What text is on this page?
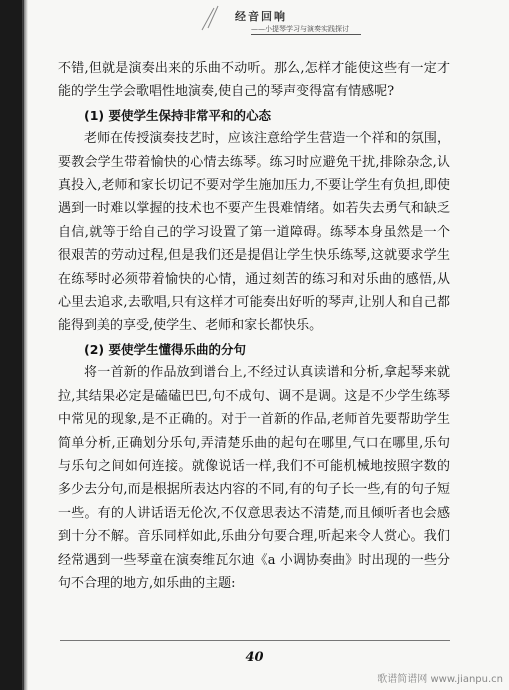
经音回响
——小提琴学习与演奏实践探讨

不错,但就是演奏出来的乐曲不动听。那么,怎样才能使这些有一定才能的学生学会歌唱性地演奏,使自己的琴声变得富有情感呢?

(1) 要使学生保持非常平和的心态

老师在传授演奏技艺时，应该注意给学生营造一个祥和的氛围，要教会学生带着愉快的心情去练琴。练习时应避免干扰,排除杂念,认真投入,老师和家长切记不要对学生施加压力,不要让学生有负担,即使遇到一时难以掌握的技术也不要产生畏难情绪。如若失去勇气和缺乏自信,就等于给自己的学习设置了第一道障碍。练琴本身虽然是一个很艰苦的劳动过程,但是我们还是提倡让学生快乐练琴,这就要求学生在练琴时必须带着愉快的心情，通过刻苦的练习和对乐曲的感悟,从心里去追求,去歌唱,只有这样才可能奏出好听的琴声,让别人和自己都能得到美的享受,使学生、老师和家长都快乐。

(2) 要使学生懂得乐曲的分句

将一首新的作品放到谱台上,不经过认真读谱和分析,拿起琴来就拉,其结果必定是磕磕巴巴,句不成句、调不是调。这是不少学生练琴中常见的现象,是不正确的。对于一首新的作品,老师首先要帮助学生简单分析,正确划分乐句,弄清楚乐曲的起句在哪里,气口在哪里,乐句与乐句之间如何连接。就像说话一样,我们不可能机械地按照字数的多少去分句,而是根据所表达内容的不同,有的句子长一些,有的句子短一些。有的人讲话语无伦次,不仅意思表达不清楚,而且倾听者也会感到十分不解。音乐同样如此,乐曲分句要合理,听起来令人赏心。我们经常遇到一些琴童在演奏维瓦尔迪《a 小调协奏曲》时出现的一些分句不合理的地方,如乐曲的主题:

40
歌谱简谱网 www.jianpu.cn
